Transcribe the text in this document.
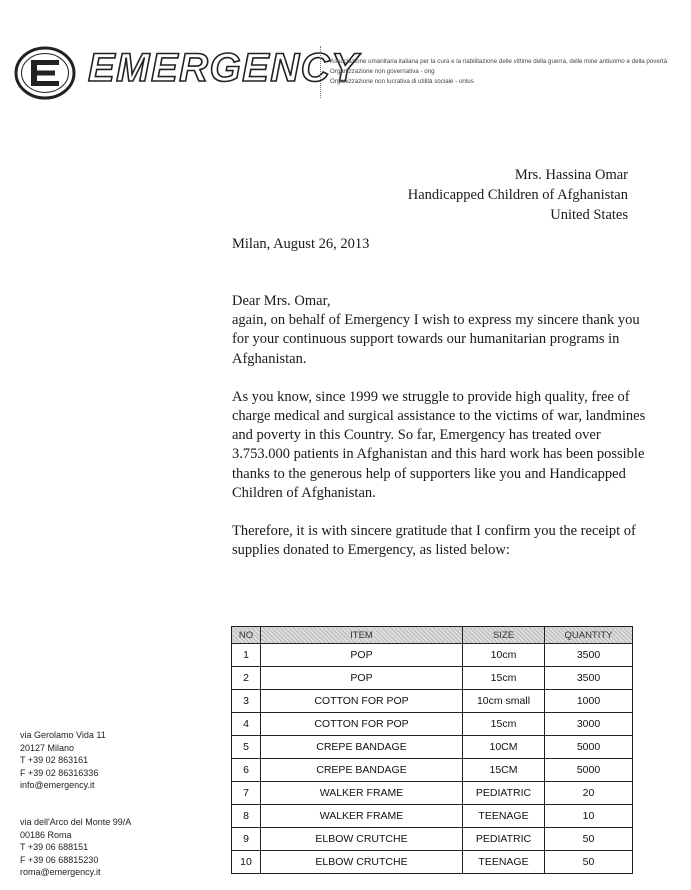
EMERGENCY
Associazione umanitaria italiana per la cura e la riabilitazione delle vittime della guerra, delle mine antiuomo e della povertà
Organizzazione non governativa - ong
Organizzazione non lucrativa di utilità sociale - onlus
Mrs. Hassina Omar
Handicapped Children of Afghanistan
United States
Milan, August 26, 2013

Dear Mrs. Omar,

again, on behalf of Emergency I wish to express my sincere thank you for your continuous support towards our humanitarian programs in Afghanistan.

As you know, since 1999 we struggle to provide high quality, free of charge medical and surgical assistance to the victims of war, landmines and poverty in this Country. So far, Emergency has treated over 3.753.000 patients in Afghanistan and this hard work has been possible thanks to the generous help of supporters like you and Handicapped Children of Afghanistan.

Therefore, it is with sincere gratitude that I confirm you the receipt of supplies donated to Emergency, as listed below:

via Gerolamo Vida 11
20127 Milano
T +39 02 863161
F +39 02 86316336
info@emergency.it
via dell'Arco del Monte 99/A
00186 Roma
T +39 06 688151
F +39 06 68815230
roma@emergency.it
NO	ITEM	SIZE	QUANTITY
1	POP	10cm	3500
2	POP	15cm	3500
3	COTTON FOR POP	10cm small	1000
4	COTTON FOR POP	15cm	3000
5	CREPE BANDAGE	10CM	5000
6	CREPE BANDAGE	15CM	5000
7	WALKER FRAME	PEDIATRIC	20
8	WALKER FRAME	TEENAGE	10
9	ELBOW CRUTCHE	PEDIATRIC	50
10	ELBOW CRUTCHE	TEENAGE	50
